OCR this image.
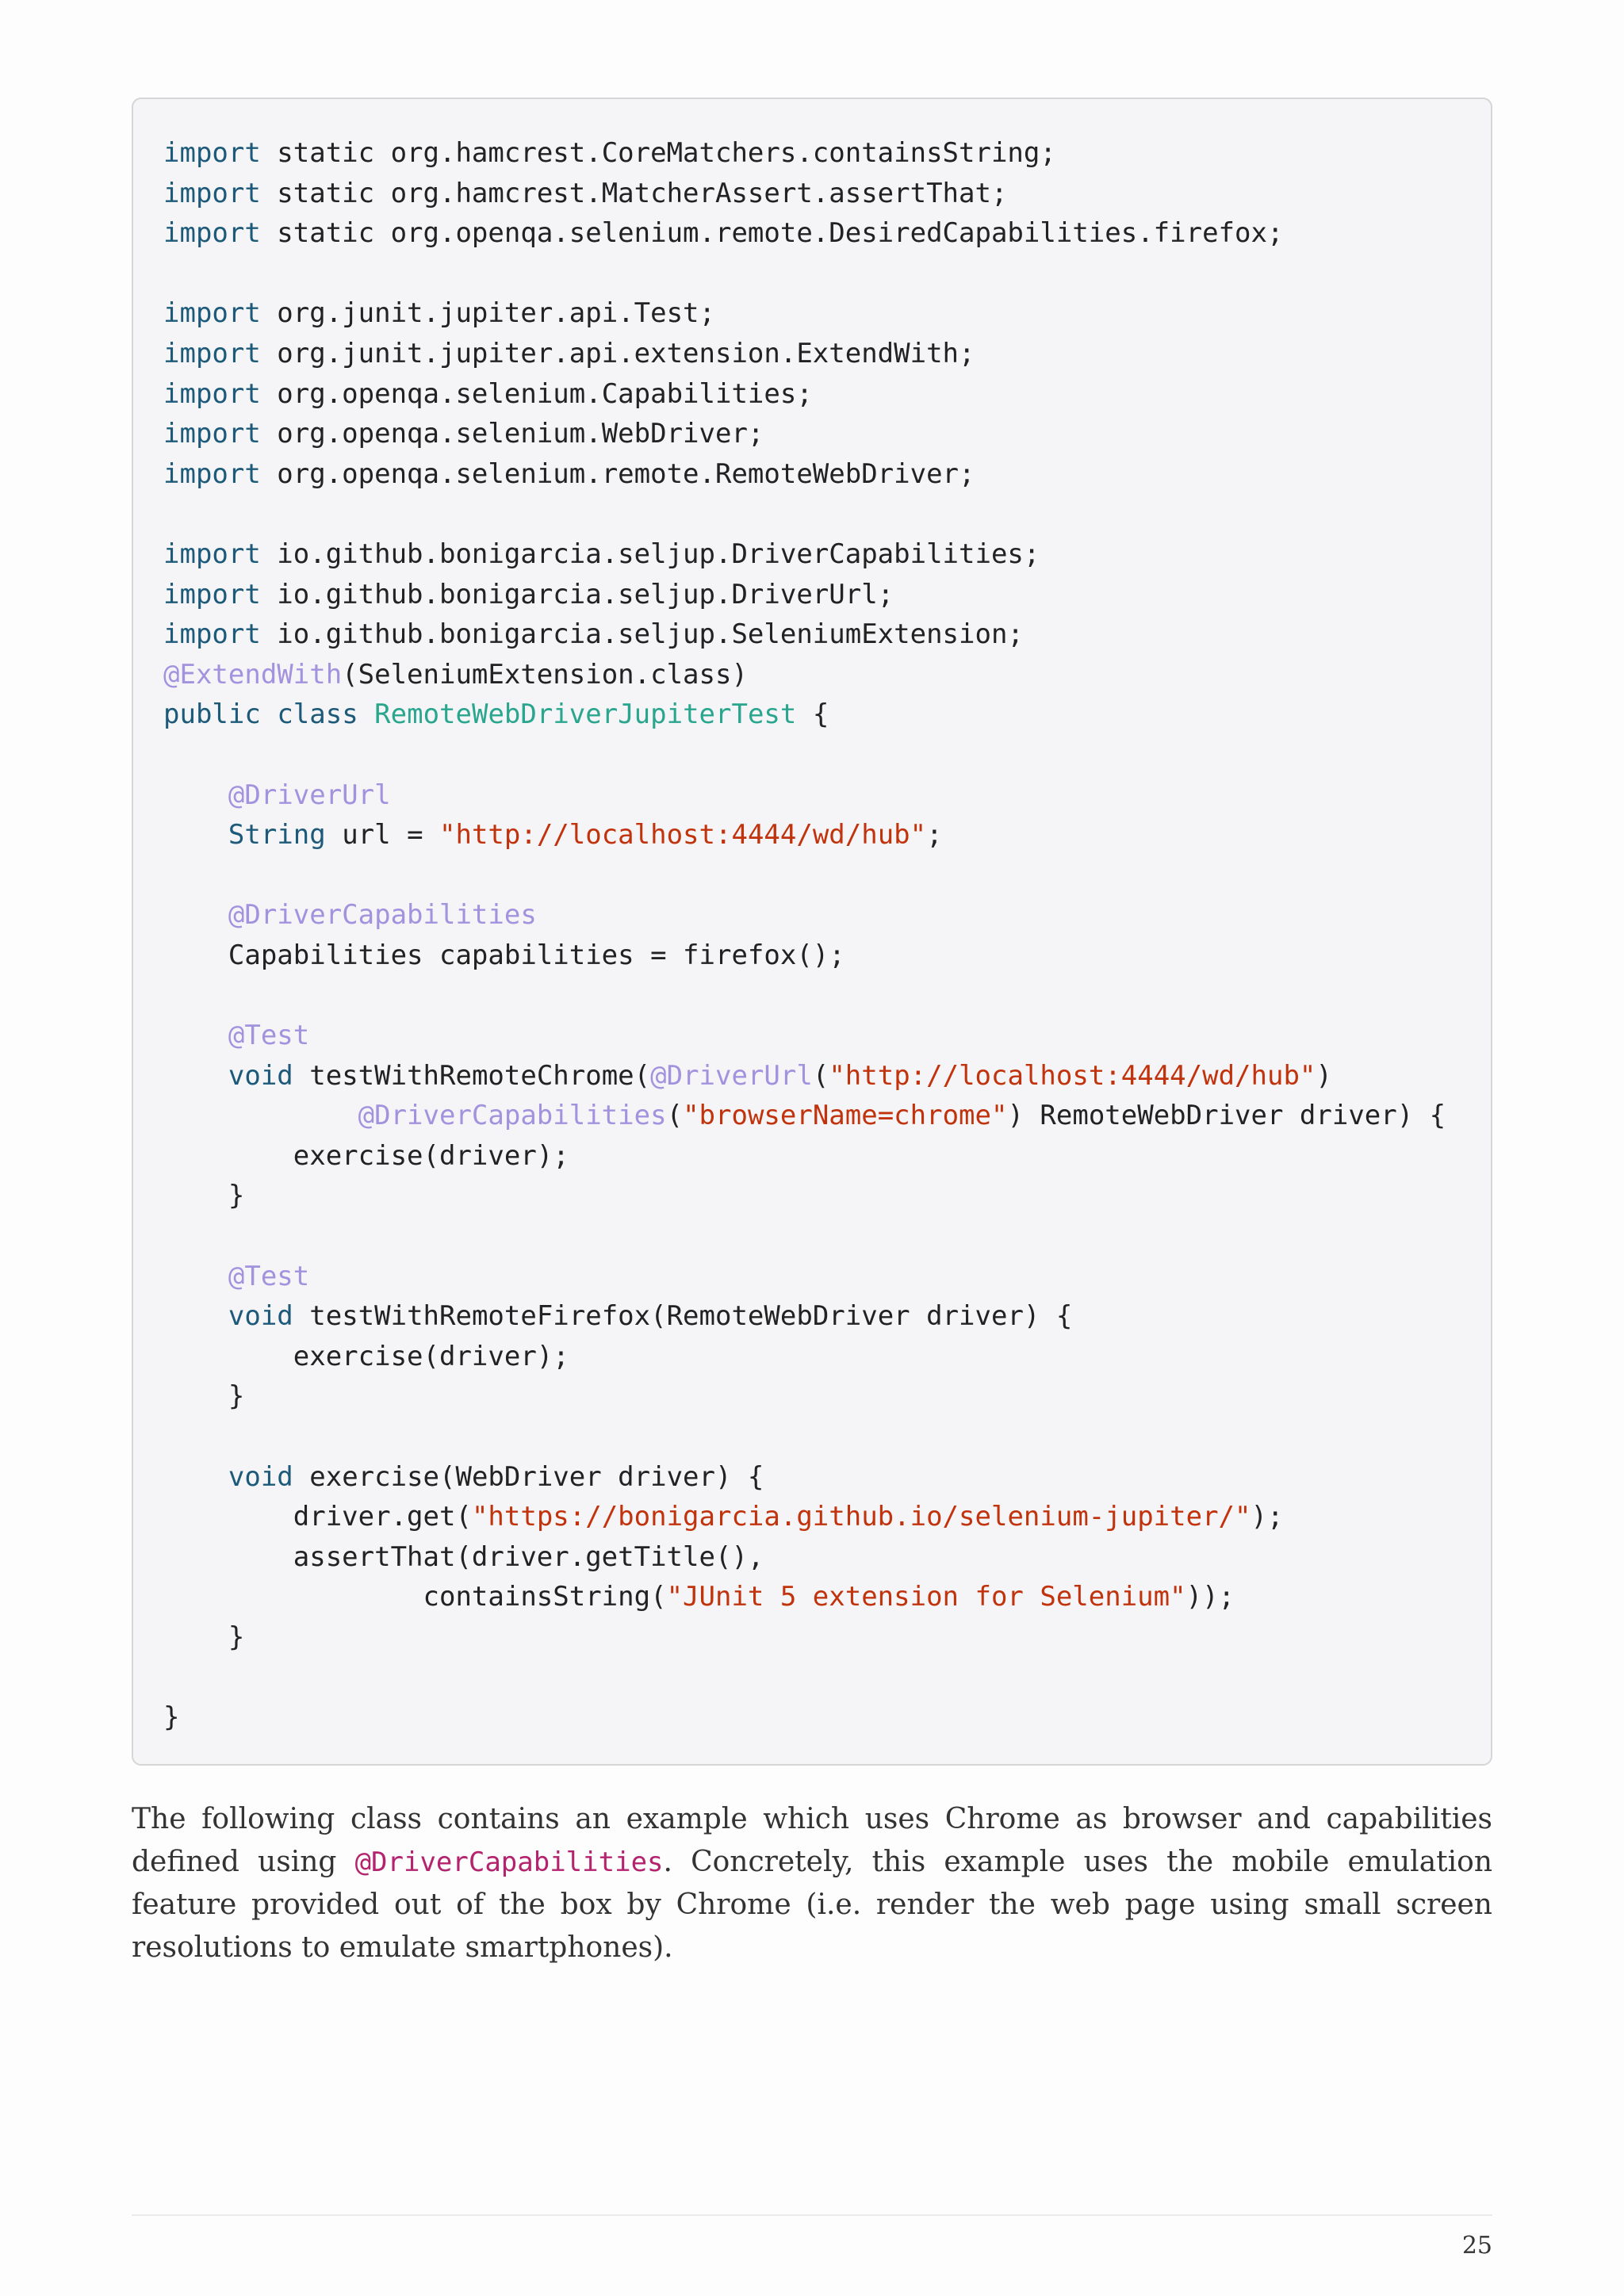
import static org.hamcrest.CoreMatchers.containsString;
import static org.hamcrest.MatcherAssert.assertThat;
import static org.openqa.selenium.remote.DesiredCapabilities.firefox;
import org.junit.jupiter.api.Test;
import org.junit.jupiter.api.extension.ExtendWith;
import org.openqa.selenium.Capabilities;
import org.openqa.selenium.WebDriver;
import org.openqa.selenium.remote.RemoteWebDriver;
import io.github.bonigarcia.seljup.DriverCapabilities;
import io.github.bonigarcia.seljup.DriverUrl;
import io.github.bonigarcia.seljup.SeleniumExtension;
@ExtendWith(SeleniumExtension.class)
public class RemoteWebDriverJupiterTest {
@DriverUrl
String url = "http://localhost:4444/wd/hub";
@DriverCapabilities
Capabilities capabilities = firefox();
@Test
void testWithRemoteChrome(@DriverUrl("http://localhost:4444/wd/hub")
@DriverCapabilities("browserName=chrome") RemoteWebDriver driver) {
exercise(driver);
}
@Test
void testWithRemoteFirefox(RemoteWebDriver driver) {
exercise(driver);
}
void exercise(WebDriver driver) {
driver.get("https://bonigarcia.github.io/selenium-jupiter/");
assertThat(driver.getTitle(),
containsString("JUnit 5 extension for Selenium"));
}
}

The following class contains an example which uses Chrome as browser and capabilities defined using @DriverCapabilities. Concretely, this example uses the mobile emulation feature provided out of the box by Chrome (i.e. render the web page using small screen resolutions to emulate smartphones).

25
